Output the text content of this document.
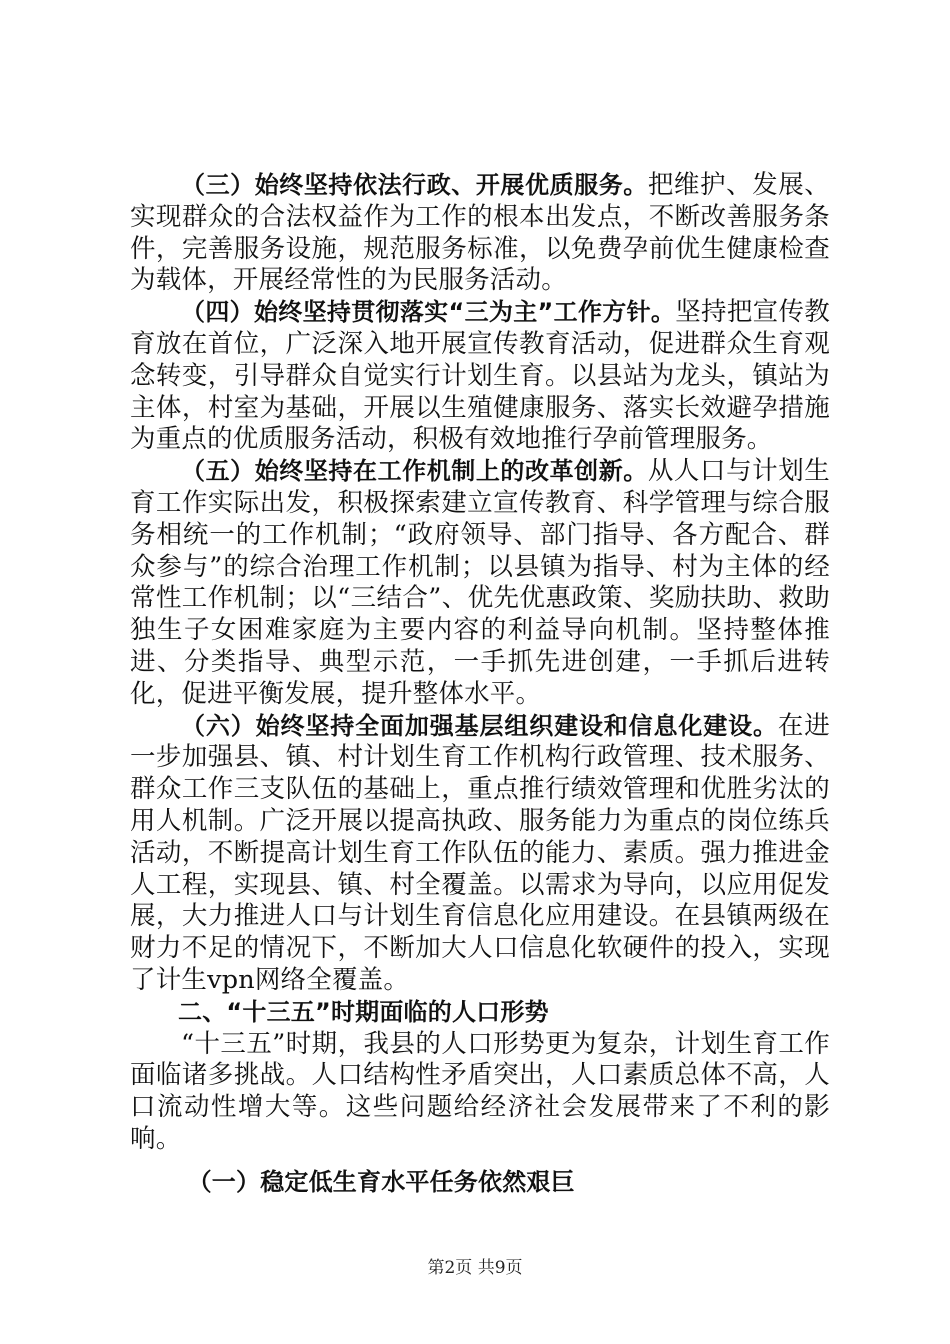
（三）始终坚持依法行政、开展优质服务。把维护、发展、实现群众的合法权益作为工作的根本出发点，不断改善服务条件，完善服务设施，规范服务标准，以免费孕前优生健康检查为载体，开展经常性的为民服务活动。

（四）始终坚持贯彻落实“三为主”工作方针。坚持把宣传教育放在首位，广泛深入地开展宣传教育活动，促进群众生育观念转变，引导群众自觉实行计划生育。以县站为龙头，镇站为主体，村室为基础，开展以生殖健康服务、落实长效避孕措施为重点的优质服务活动，积极有效地推行孕前管理服务。

（五）始终坚持在工作机制上的改革创新。从人口与计划生育工作实际出发，积极探索建立宣传教育、科学管理与综合服务相统一的工作机制；“政府领导、部门指导、各方配合、群众参与”的综合治理工作机制；以县镇为指导、村为主体的经常性工作机制；以“三结合”、优先优惠政策、奖励扶助、救助独生子女困难家庭为主要内容的利益导向机制。坚持整体推进、分类指导、典型示范，一手抓先进创建，一手抓后进转化，促进平衡发展，提升整体水平。

（六）始终坚持全面加强基层组织建设和信息化建设。在进一步加强县、镇、村计划生育工作机构行政管理、技术服务、群众工作三支队伍的基础上，重点推行绩效管理和优胜劣汰的用人机制。广泛开展以提高执政、服务能力为重点的岗位练兵活动，不断提高计划生育工作队伍的能力、素质。强力推进金人工程，实现县、镇、村全覆盖。以需求为导向，以应用促发展，大力推进人口与计划生育信息化应用建设。在县镇两级在财力不足的情况下，不断加大人口信息化软硬件的投入，实现了计生vpn网络全覆盖。

二、“十三五”时期面临的人口形势

“十三五”时期，我县的人口形势更为复杂，计划生育工作面临诸多挑战。人口结构性矛盾突出，人口素质总体不高，人口流动性增大等。这些问题给经济社会发展带来了不利的影响。

（一）稳定低生育水平任务依然艰巨

第2页 共9页
